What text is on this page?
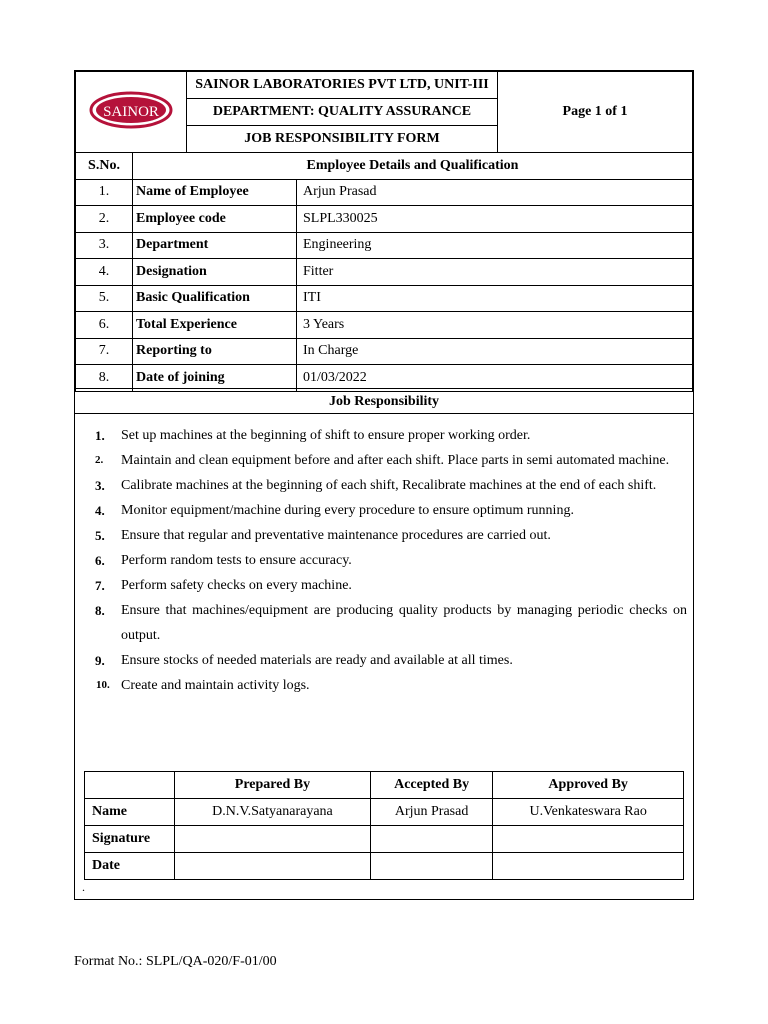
SAINOR
	SAINOR LABORATORIES PVT LTD, UNIT-III	Page 1 of 1
DEPARTMENT: QUALITY ASSURANCE
JOB RESPONSIBILITY FORM
S.No.	Employee Details and Qualification	
1.	Name of Employee	Arjun Prasad
2.	Employee code	SLPL330025
3.	Department	Engineering
4.	Designation	Fitter
5.	Basic Qualification	ITI
6.	Total Experience	3 Years
7.	Reporting to	In Charge
8.	Date of joining	01/03/2022
Job Responsibility
1. Set up machines at the beginning of shift to ensure proper working order.
2. Maintain and clean equipment before and after each shift. Place parts in semi automated machine.
3. Calibrate machines at the beginning of each shift, Recalibrate machines at the end of each shift.
4. Monitor equipment/machine during every procedure to ensure optimum running.
5. Ensure that regular and preventative maintenance procedures are carried out.
6. Perform random tests to ensure accuracy.
7. Perform safety checks on every machine.
8. Ensure that machines/equipment are producing quality products by managing periodic checks on output.
9. Ensure stocks of needed materials are ready and available at all times.
10. Create and maintain activity logs.
	Prepared By	Accepted By	Approved By
Name	D.N.V.Satyanarayana	Arjun Prasad	U.Venkateswara Rao
Signature			
Date			
.
Format No.: SLPL/QA-020/F-01/00
